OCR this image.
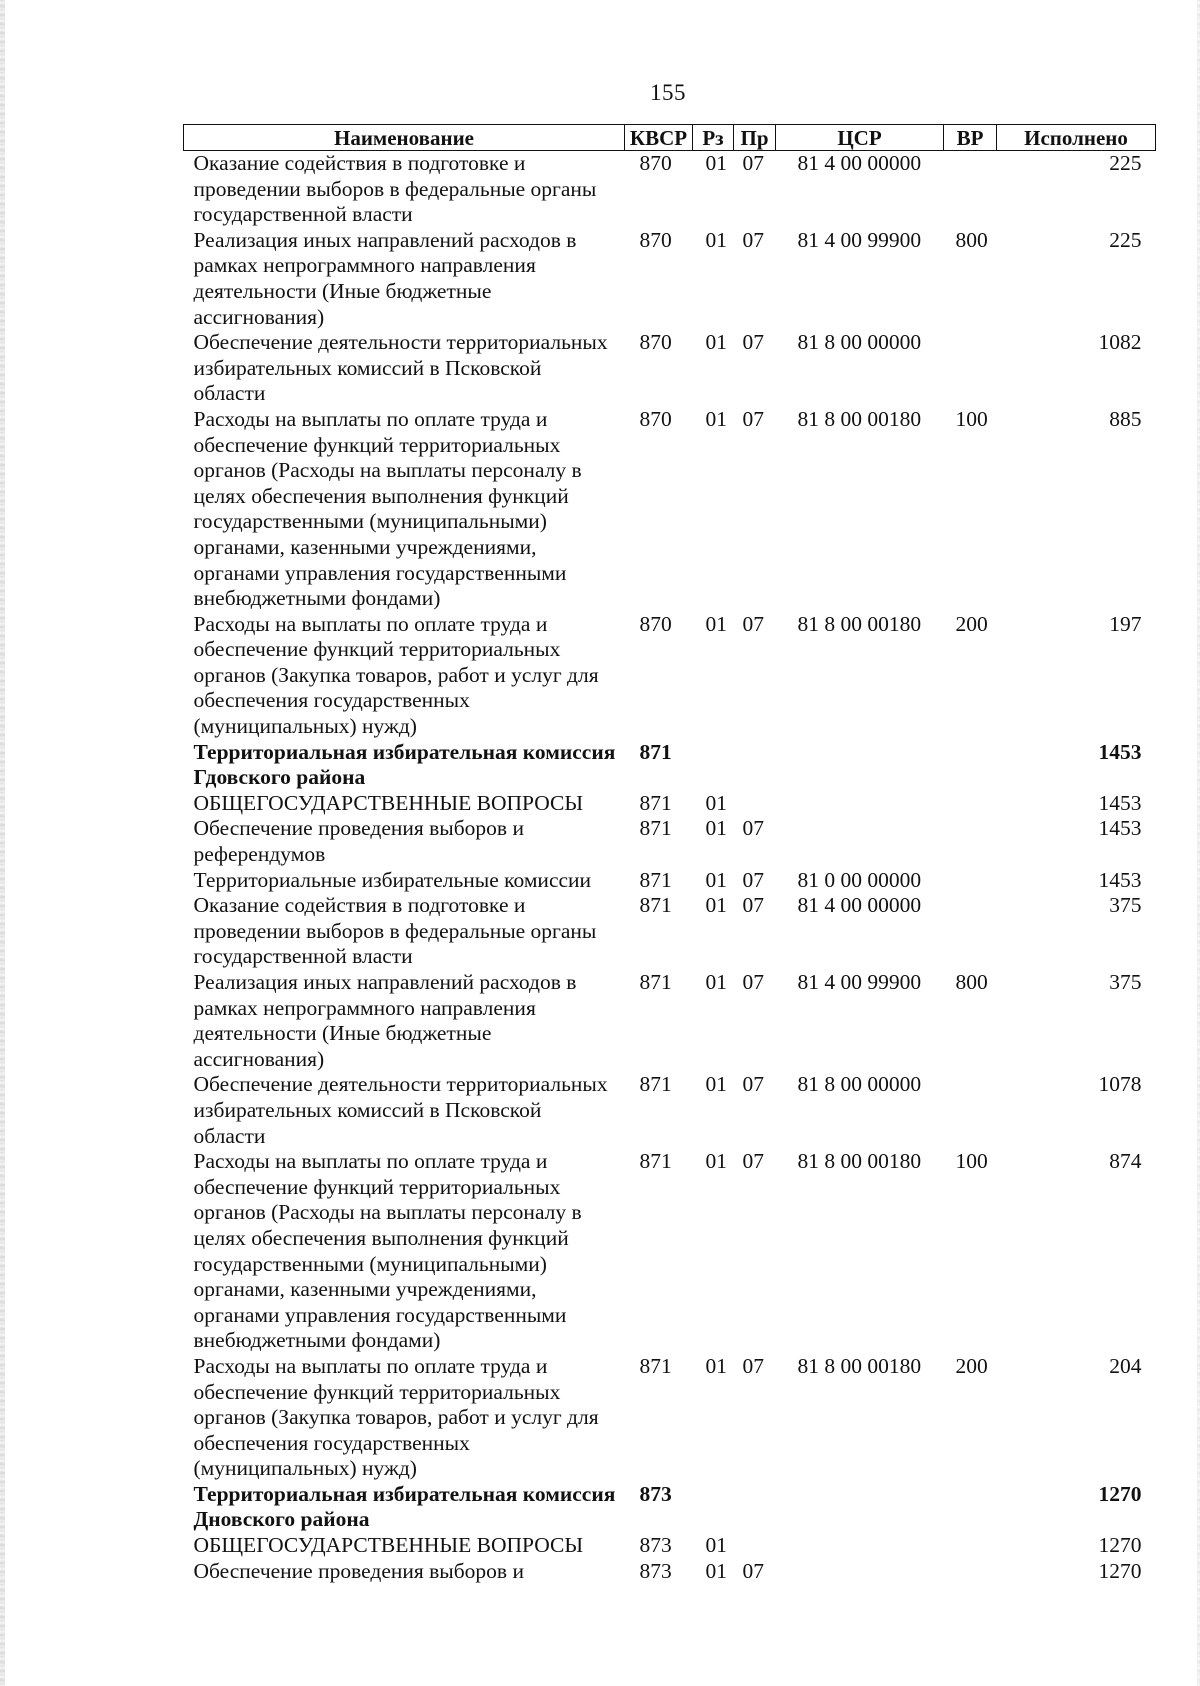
155
Наименование	КВСР	Рз	Пр	ЦСР	ВР	Исполнено
Оказание содействия в подготовке и проведении выборов в федеральные органы государственной власти	870	01	07	81 4 00 00000		225
Реализация иных направлений расходов в рамках непрограммного направления деятельности (Иные бюджетные ассигнования)	870	01	07	81 4 00 99900	800	225
Обеспечение деятельности территориальных избирательных комиссий в Псковской области	870	01	07	81 8 00 00000		1082
Расходы на выплаты по оплате труда и обеспечение функций территориальных органов (Расходы на выплаты персоналу в целях обеспечения выполнения функций государственными (муниципальными) органами, казенными учреждениями, органами управления государственными внебюджетными фондами)	870	01	07	81 8 00 00180	100	885
Расходы на выплаты по оплате труда и обеспечение функций территориальных органов (Закупка товаров, работ и услуг для обеспечения государственных (муниципальных) нужд)	870	01	07	81 8 00 00180	200	197
Территориальная избирательная комиссия Гдовского района	871					1453
ОБЩЕГОСУДАРСТВЕННЫЕ ВОПРОСЫ	871	01				1453
Обеспечение проведения выборов и референдумов	871	01	07			1453
Территориальные избирательные комиссии	871	01	07	81 0 00 00000		1453
Оказание содействия в подготовке и проведении выборов в федеральные органы государственной власти	871	01	07	81 4 00 00000		375
Реализация иных направлений расходов в рамках непрограммного направления деятельности (Иные бюджетные ассигнования)	871	01	07	81 4 00 99900	800	375
Обеспечение деятельности территориальных избирательных комиссий в Псковской области	871	01	07	81 8 00 00000		1078
Расходы на выплаты по оплате труда и обеспечение функций территориальных органов (Расходы на выплаты персоналу в целях обеспечения выполнения функций государственными (муниципальными) органами, казенными учреждениями, органами управления государственными внебюджетными фондами)	871	01	07	81 8 00 00180	100	874
Расходы на выплаты по оплате труда и обеспечение функций территориальных органов (Закупка товаров, работ и услуг для обеспечения государственных (муниципальных) нужд)	871	01	07	81 8 00 00180	200	204
Территориальная избирательная комиссия Дновского района	873					1270
ОБЩЕГОСУДАРСТВЕННЫЕ ВОПРОСЫ	873	01				1270
Обеспечение проведения выборов и	873	01	07			1270
